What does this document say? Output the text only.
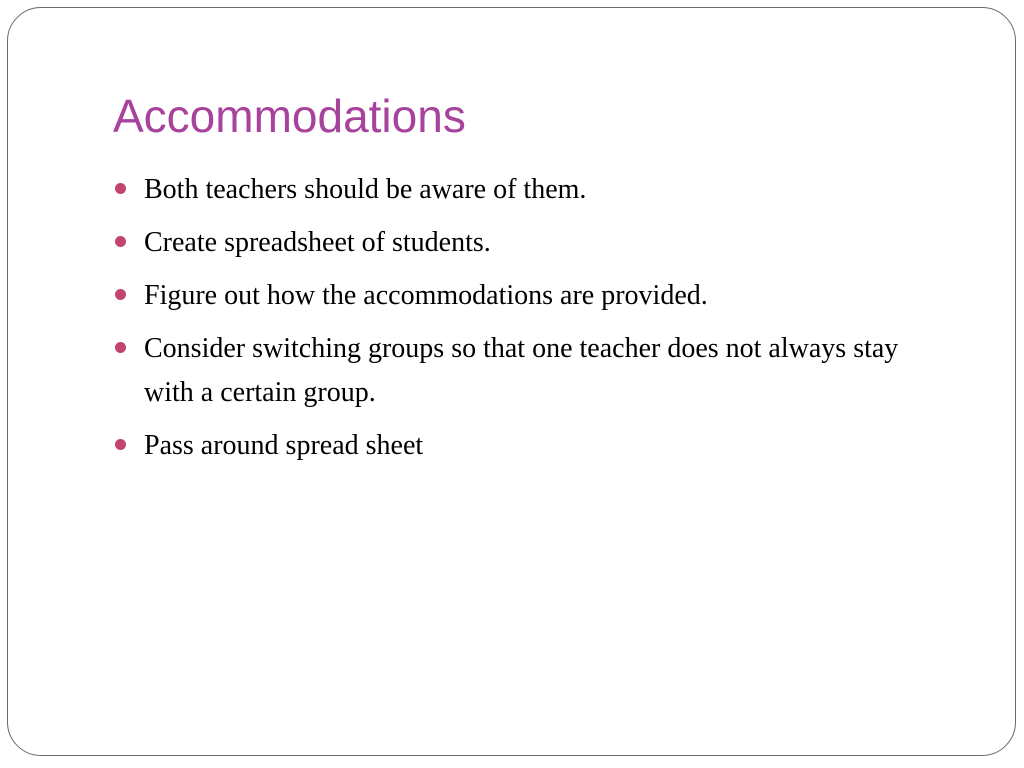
Accommodations
Both teachers should be aware of them.
Create spreadsheet of students.
Figure out how the accommodations are provided.
Consider switching groups so that one teacher does not always stay with a certain group.
Pass around spread sheet
